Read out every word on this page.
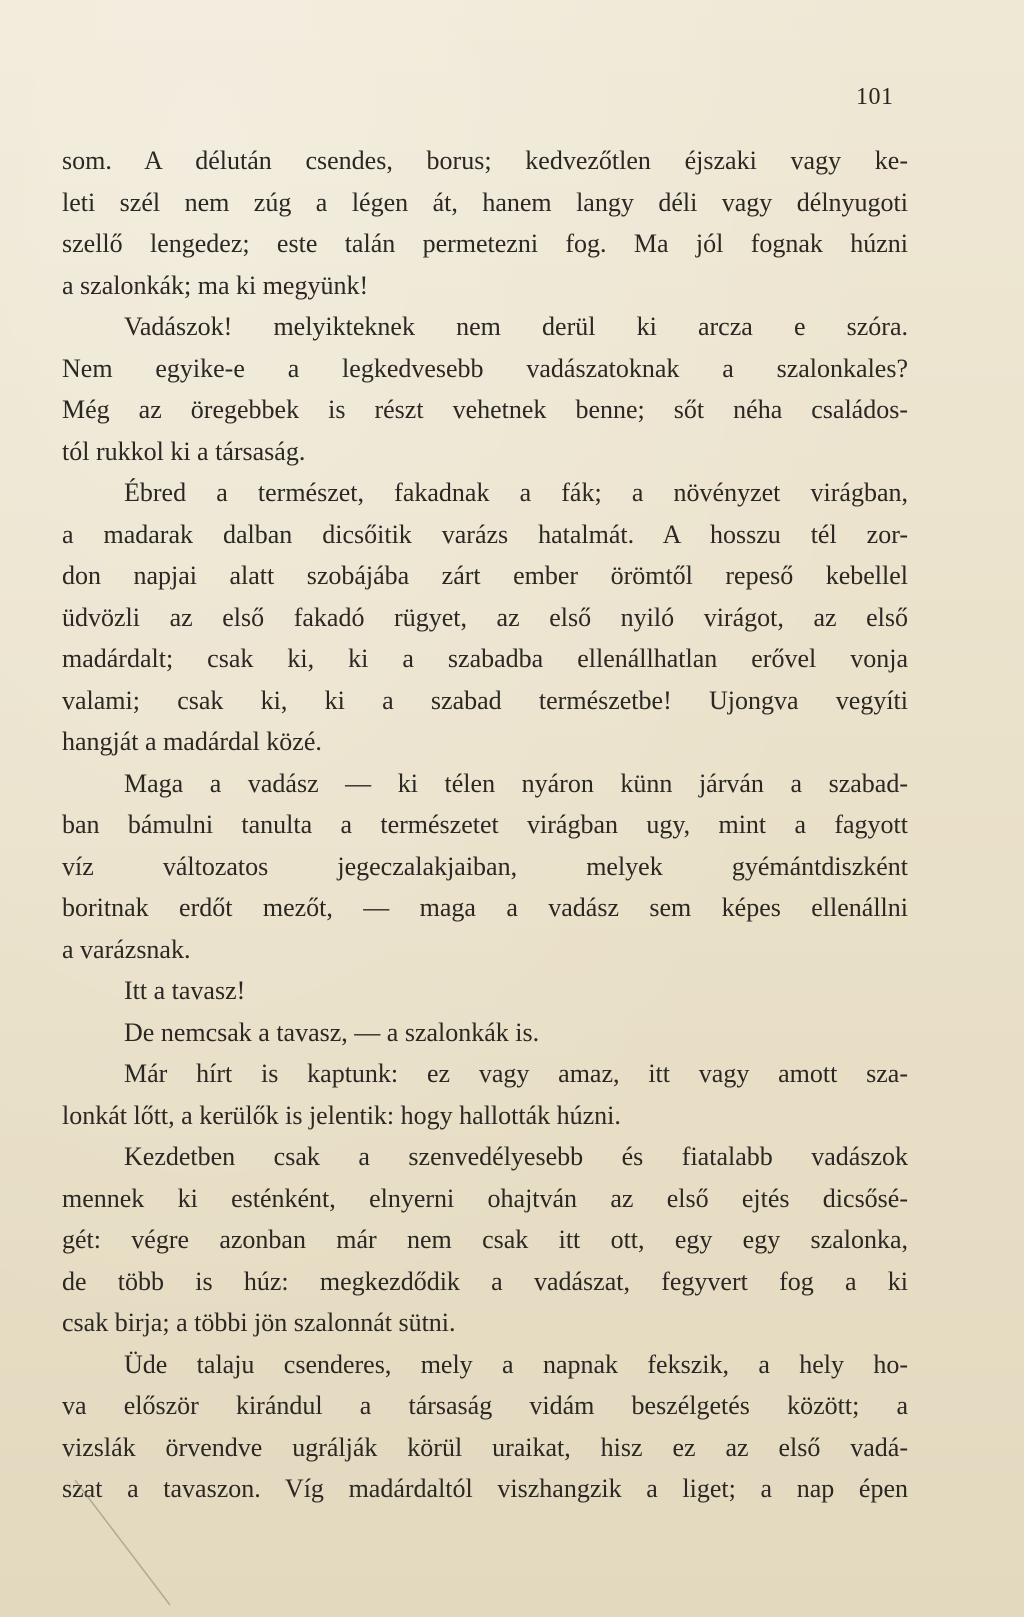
101
som. A délután csendes, borus; kedvezőtlen éjszaki vagy ke-
leti szél nem zúg a légen át, hanem langy déli vagy délnyugoti
szellő lengedez; este talán permetezni fog. Ma jól fognak húzni
a szalonkák; ma ki megyünk!
Vadászok! melyikteknek nem derül ki arcza e szóra.
Nem egyike-e a legkedvesebb vadászatoknak a szalonkales?
Még az öregebbek is részt vehetnek benne; sőt néha családos-
tól rukkol ki a társaság.
Ébred a természet, fakadnak a fák; a növényzet virágban,
a madarak dalban dicsőitik varázs hatalmát. A hosszu tél zor-
don napjai alatt szobájába zárt ember örömtől repeső kebellel
üdvözli az első fakadó rügyet, az első nyiló virágot, az első
madárdalt; csak ki, ki a szabadba ellenállhatlan erővel vonja
valami; csak ki, ki a szabad természetbe! Ujongva vegyíti
hangját a madárdal közé.
Maga a vadász — ki télen nyáron künn járván a szabad-
ban bámulni tanulta a természetet virágban ugy, mint a fagyott
víz változatos jegeczalakjaiban, melyek gyémántdiszként
boritnak erdőt mezőt, — maga a vadász sem képes ellenállni
a varázsnak.
Itt a tavasz!
De nemcsak a tavasz, — a szalonkák is.
Már hírt is kaptunk: ez vagy amaz, itt vagy amott sza-
lonkát lőtt, a kerülők is jelentik: hogy hallották húzni.
Kezdetben csak a szenvedélyesebb és fiatalabb vadászok
mennek ki esténként, elnyerni ohajtván az első ejtés dicsősé-
gét: végre azonban már nem csak itt ott, egy egy szalonka,
de több is húz: megkezdődik a vadászat, fegyvert fog a ki
csak birja; a többi jön szalonnát sütni.
Üde talaju csenderes, mely a napnak fekszik, a hely ho-
va először kirándul a társaság vidám beszélgetés között; a
vizslák örvendve ugrálják körül uraikat, hisz ez az első vadá-
szat a tavaszon. Víg madárdaltól viszhangzik a liget; a nap épen
